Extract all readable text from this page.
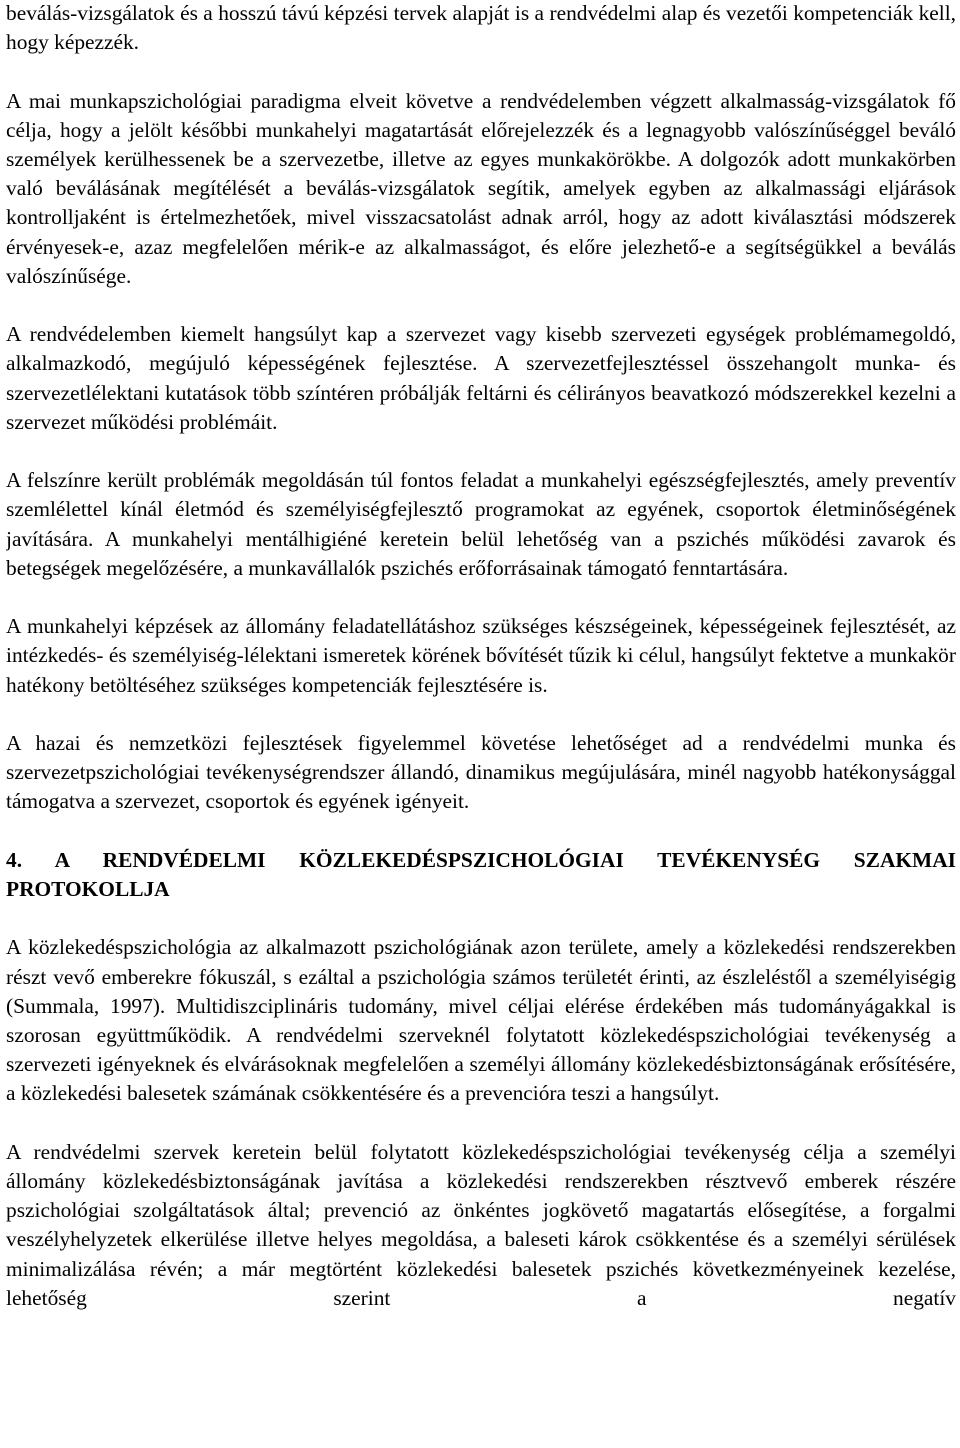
beválás-vizsgálatok és a hosszú távú képzési tervek alapját is a rendvédelmi alap és vezetői kompetenciák kell, hogy képezzék.

A mai munkapszichológiai paradigma elveit követve a rendvédelemben végzett alkalmasság-vizsgálatok fő célja, hogy a jelölt későbbi munkahelyi magatartását előrejelezzék és a legnagyobb valószínűséggel beváló személyek kerülhessenek be a szervezetbe, illetve az egyes munkakörökbe. A dolgozók adott munkakörben való beválásának megítélését a beválás-vizsgálatok segítik, amelyek egyben az alkalmassági eljárások kontrolljaként is értelmezhetőek, mivel visszacsatolást adnak arról, hogy az adott kiválasztási módszerek érvényesek-e, azaz megfelelően mérik-e az alkalmasságot, és előre jelezhető-e a segítségükkel a beválás valószínűsége.

A rendvédelemben kiemelt hangsúlyt kap a szervezet vagy kisebb szervezeti egységek problémamegoldó, alkalmazkodó, megújuló képességének fejlesztése. A szervezetfejlesztéssel összehangolt munka- és szervezetlélektani kutatások több színtéren próbálják feltárni és célirányos beavatkozó módszerekkel kezelni a szervezet működési problémáit.

A felszínre került problémák megoldásán túl fontos feladat a munkahelyi egészségfejlesztés, amely preventív szemlélettel kínál életmód és személyiségfejlesztő programokat az egyének, csoportok életminőségének javítására. A munkahelyi mentálhigiéné keretein belül lehetőség van a pszichés működési zavarok és betegségek megelőzésére, a munkavállalók pszichés erőforrásainak támogató fenntartására.

A munkahelyi képzések az állomány feladatellátáshoz szükséges készségeinek, képességeinek fejlesztését, az intézkedés- és személyiség-lélektani ismeretek körének bővítését tűzik ki célul, hangsúlyt fektetve a munkakör hatékony betöltéséhez szükséges kompetenciák fejlesztésére is.

A hazai és nemzetközi fejlesztések figyelemmel követése lehetőséget ad a rendvédelmi munka és szervezetpszichológiai tevékenységrendszer állandó, dinamikus megújulására, minél nagyobb hatékonysággal támogatva a szervezet, csoportok és egyének igényeit.

4. A RENDVÉDELMI KÖZLEKEDÉSPSZICHOLÓGIAI TEVÉKENYSÉG SZAKMAI PROTOKOLLJA

A közlekedéspszichológia az alkalmazott pszichológiának azon területe, amely a közlekedési rendszerekben részt vevő emberekre fókuszál, s ezáltal a pszichológia számos területét érinti, az észleléstől a személyiségig (Summala, 1997). Multidiszciplináris tudomány, mivel céljai elérése érdekében más tudományágakkal is szorosan együttműködik. A rendvédelmi szerveknél folytatott közlekedéspszichológiai tevékenység a szervezeti igényeknek és elvárásoknak megfelelően a személyi állomány közlekedésbiztonságának erősítésére, a közlekedési balesetek számának csökkentésére és a prevencióra teszi a hangsúlyt.

A rendvédelmi szervek keretein belül folytatott közlekedéspszichológiai tevékenység célja a személyi állomány közlekedésbiztonságának javítása a közlekedési rendszerekben résztvevő emberek részére pszichológiai szolgáltatások által; prevenció az önkéntes jogkövető magatartás elősegítése, a forgalmi veszélyhelyzetek elkerülése illetve helyes megoldása, a baleseti károk csökkentése és a személyi sérülések minimalizálása révén; a már megtörtént közlekedési balesetek pszichés következményeinek kezelése, lehetőség szerint a negatív
